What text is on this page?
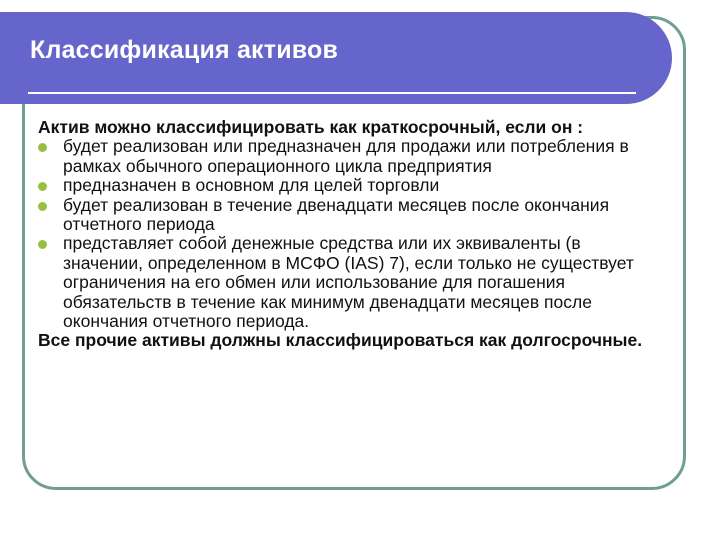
Классификация активов

Актив можно классифицировать как краткосрочный, если он :

будет реализован или предназначен для продажи или потребления в рамках обычного операционного цикла предприятия
предназначен в основном для целей торговли
будет реализован в течение двенадцати месяцев после окончания отчетного периода
представляет собой денежные средства или их эквиваленты (в значении, определенном в МСФО (IAS) 7), если только не существует ограничения на его обмен или использование для погашения обязательств в течение как минимум двенадцати месяцев после окончания отчетного периода.

Все прочие активы должны классифицироваться как долгосрочные.
